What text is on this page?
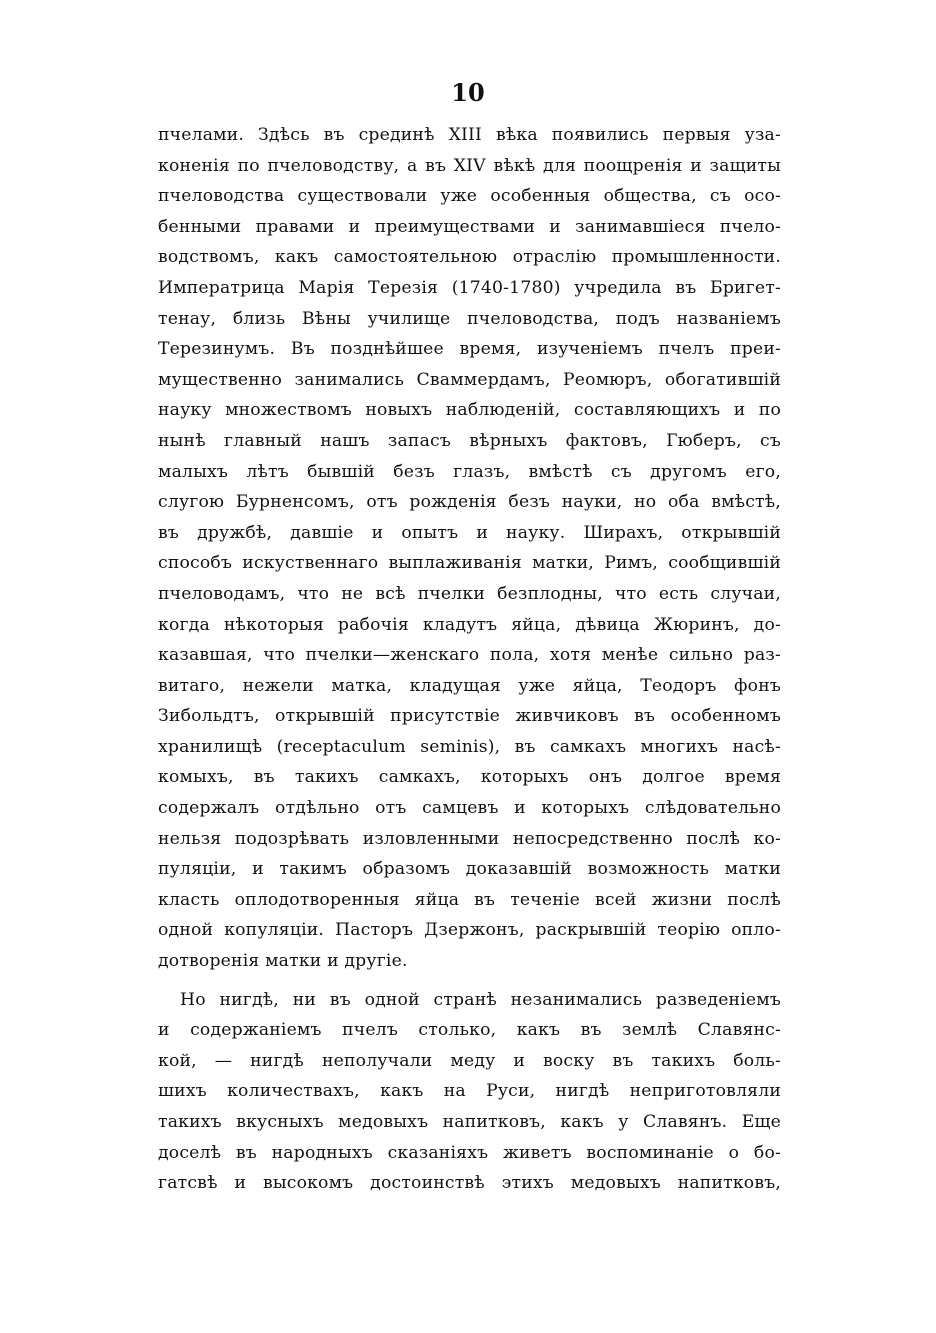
10

пчелами. Здѣсь въ срединѣ XIII вѣка появились первыя уза-
коненія по пчеловодству, а въ XIV вѣкѣ для поощренія и защиты
пчеловодства существовали уже особенныя общества, съ осо-
бенными правами и преимуществами и занимавшіеся пчело-
водствомъ, какъ самостоятельною отраслію промышленности.
Императрица Марія Терезія (1740-1780) учредила въ Бригет-
тенау, близь Вѣны училище пчеловодства, подъ названіемъ
Терезинумъ. Въ позднѣйшее время, изученіемъ пчелъ преи-
мущественно занимались Сваммердамъ, Реомюръ, обогатившій
науку множествомъ новыхъ наблюденій, составляющихъ и по
нынѣ главный нашъ запасъ вѣрныхъ фактовъ, Гюберъ, съ
малыхъ лѣтъ бывшій безъ глазъ, вмѣстѣ съ другомъ его,
слугою Бурненсомъ, отъ рожденія безъ науки, но оба вмѣстѣ,
въ дружбѣ, давшіе и опытъ и науку. Ширахъ, открывшій
способъ искуственнаго выплаживанія матки, Римъ, сообщившій
пчеловодамъ, что не всѣ пчелки безплодны, что есть случаи,
когда нѣкоторыя рабочія кладутъ яйца, дѣвица Жюринъ, до-
казавшая, что пчелки—женскаго пола, хотя менѣе сильно раз-
витаго, нежели матка, кладущая уже яйца, Теодоръ фонъ
Зибольдтъ, открывшій присутствіе живчиковъ въ особенномъ
хранилищѣ (receptaculum seminis), въ самкахъ многихъ насѣ-
комыхъ, въ такихъ самкахъ, которыхъ онъ долгое время
содержалъ отдѣльно отъ самцевъ и которыхъ слѣдовательно
нельзя подозрѣвать изловленными непосредственно послѣ ко-
пуляціи, и такимъ образомъ доказавшій возможность матки
класть оплодотворенныя яйца въ теченіе всей жизни послѣ
одной копуляціи. Пасторъ Дзержонъ, раскрывшій теорію опло-
дотворенія матки и другіе.

Но нигдѣ, ни въ одной странѣ незанимались разведеніемъ
и содержаніемъ пчелъ столько, какъ въ землѣ Славянс-
кой, — нигдѣ неполучали меду и воску въ такихъ боль-
шихъ количествахъ, какъ на Руси, нигдѣ неприготовляли
такихъ вкусныхъ медовыхъ напитковъ, какъ у Славянъ. Еще
доселѣ въ народныхъ сказаніяхъ живетъ воспоминаніе о бо-
гатсвѣ и высокомъ достоинствѣ этихъ медовыхъ напитковъ,
